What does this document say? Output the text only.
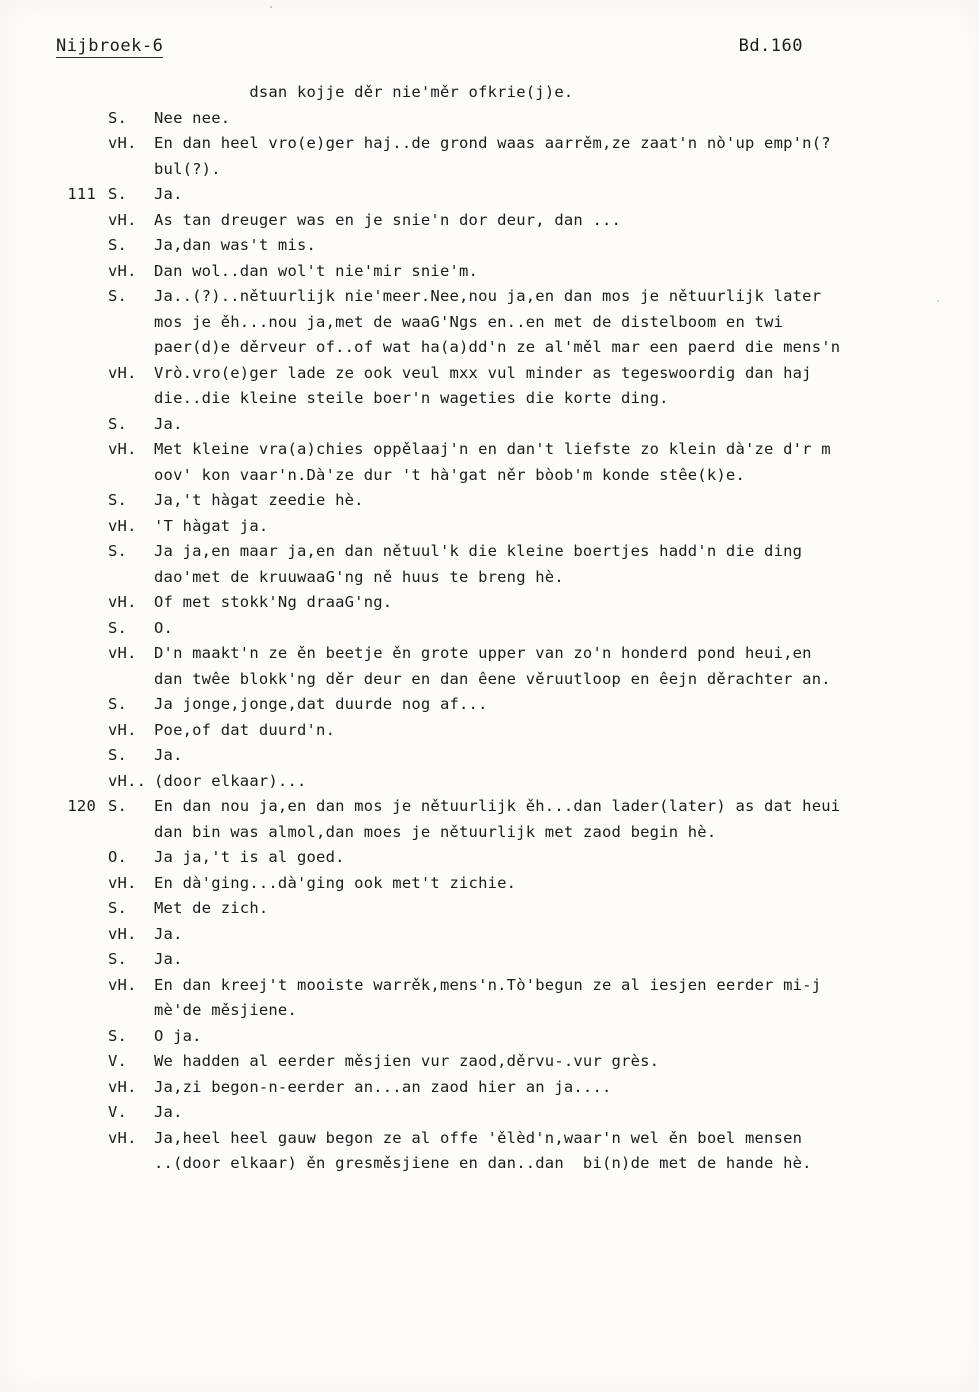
Nijbroek-6	Bd.160
dsan kojje děr nie'měr ofkrie(j)e.
S.	Nee nee.
vH.	En dan heel vro(e)ger haj..de grond waas aarrěm,ze zaat'n nò'up emp'n(?
bul(?).
111 S.	Ja.
vH.	As tan dreuger was en je snie'n dor deur, dan ...
S.	Ja,dan was't mis.
vH.	Dan wol..dan wol't nie'mir snie'm.
S.	Ja..(?)..nětuurlijk nie'meer.Nee,nou ja,en dan mos je nětuurlijk later
mos je ěh...nou ja,met de waaG'Ngs en..en met de distelboom en twi
paer(d)e děrveur of..of wat ha(a)dd'n ze al'měl mar een paerd die mens'n
vH.	Vrò.vro(e)ger lade ze ook veul mxx vul minder as tegeswoordig dan haj
die..die kleine steile boer'n wageties die korte ding.
S.	Ja.
vH.	Met kleine vra(a)chies oppělaaj'n en dan't liefste zo klein dà'ze d'r m
oov' kon vaar'n.Dà'ze dur 't hà'gat něr bòob'm konde stêe(k)e.
S.	Ja,'t hàgat zeedie hè.
vH.	'T hàgat ja.
S.	Ja ja,en maar ja,en dan nětuul'k die kleine boertjes hadd'n die ding
dao'met de kruuwaaG'ng ně huus te breng hè.
vH.	Of met stokk'Ng draaG'ng.
S.	O.
vH.	D'n maakt'n ze ěn beetje ěn grote upper van zo'n honderd pond heui,en
dan twêe blokk'ng děr deur en dan êene věruutloop en êejn děrachter an.
S.	Ja jonge,jonge,dat duurde nog af...
vH.	Poe,of dat duurd'n.
S.	Ja.
vH.. (door elkaar)...
120 S.	En dan nou ja,en dan mos je nětuurlijk ěh...dan lader(later) as dat heui
dan bin was almol,dan moes je nětuurlijk met zaod begin hè.
O.	Ja ja,'t is al goed.
vH.	En dà'ging...dà'ging ook met't zichie.
S.	Met de zich.
vH.	Ja.
S.	Ja.
vH.	En dan kreej't mooiste warrěk,mens'n.Tò'begun ze al iesjen eerder mi-j
mè'de měsjiene.
S.	O ja.
V.	We hadden al eerder měsjien vur zaod,děrvu-.vur grès.
vH.	Ja,zi begon-n-eerder an...an zaod hier an ja....
V.	Ja.
vH.	Ja,heel heel gauw begon ze al offe 'ělèd'n,waar'n wel ěn boel mensen
..(door elkaar) ěn gresměsjiene en dan..dan  bi(n)de met de hande hè.
